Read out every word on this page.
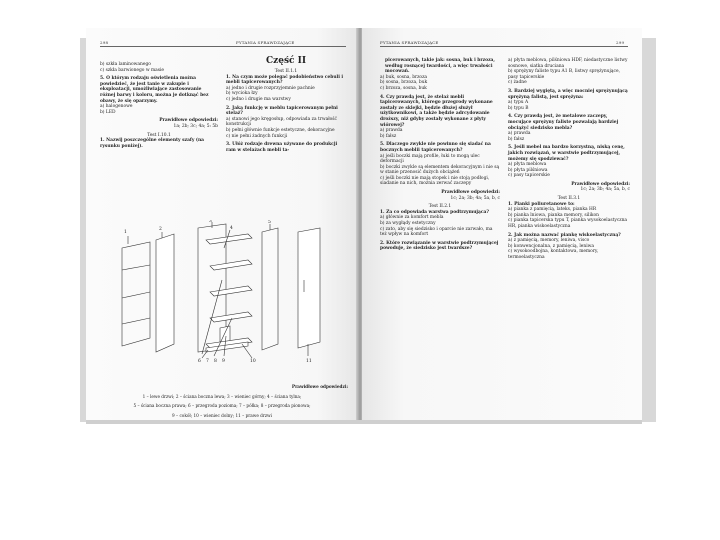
298	PYTANIA SPRAWDZAJĄCE

b) szkła laminowanego

c) szkła barwionego w masie

5. O którym rodzaju oświetlenia można powiedzieć, że jest tanie w zakupie i eksploatacji, umożliwiające zastosowanie różnej barwy i koloru, można je dotknąć bez obawy, że się oparzymy.

a) halogenowe

b) LED

Prawidłowe odpowiedzi:

1a; 2b; 3c; 4a; 5: 5b

Test I.10.1

1. Nazwij poszczególne elementy szafy (na rysunku poniżej).

Część II

Test II.1.1

1. Na czym może polegać podobieństwo cebuli i mebli tapicerowanych?

a) jedno i drugie rozprzyjemnie pachnie

b) wycioka łzy

c) jedno i drugie ma warstwy

2. Jaką funkcję w meblu tapicerowanym pełni stelaż?

a) stanowi jego kręgosłup, odpowiada za trwałość konstrukcji

b) pełni głównie funkcje estetyczne, dekoracyjne

c) nie pełni żadnych funkcji

3. Ułóż rodzaje drewna używane do produkcji ram w stelażach mebli ta-

1
2
3
4
5
6 7 8 9	10	11

Prawidłowe odpowiedzi:

1 – lewe drzwi; 2 – ściana boczna lewa; 3 – wieniec górny; 4 – ściana tylna;

5 – ściana boczna prawa; 6 – przegroda pozioma; 7 – półka; 8 – przegroda pionowa;

9 – cokół; 10 – wieniec dolny; 11 – prawe drzwi

PYTANIA SPRAWDZAJĄCE	299

picerowanych, takie jak: sosna, buk i brzoza, według rosnącej twardości, a więc trwałości mocowań.

a) buk, sosna, brzoza

b) sosna, brzoza, buk

c) brzoza, sosna, buk

4. Czy prawdą jest, że stelaż mebli tapicerowanych, którego przegrody wykonane zostały ze sklejki, będzie dłużej służył użytkownikowi, a także będzie adrcydowanie droższy, niż gdyby zostały wykonane z płyty wiórowej?

a) prawda

b) fałsz

5. Dlaczego zwykle nie powinno się siadać na bocznych meblii tapicerowanych?

a) jeśli boczki mają profile, łuki to mogą ulec deformacji

b) boczki zwykle są elementem dekoracyjnym i nie są w stanie przenosić dużych obciążeń

c) jeśli boczki nie mają stopek i nie stoją podłogi, siadanie na nich, możnia zerwać zaczepy

Prawidłowe odpowiedzi:

1c; 2a; 3b; 4a; 5a, b, c

Test II.2.1

1. Za co odpowiada warstwa podtrzymująca?

a) głównie za komfort mebla

b) za wygłądy estetyczny

c) zato, aby się siedzisko i oparcie nie zarwało, ma też wpływ na komfort

2. Które rozwiązanie w warstwie podtrzymującej powoduje, że siedzisko jest twardsze?

a) płyta meblowa, pilśniowa HDF, niedastyczne listwy sosnowe, siatka druciana

b) sprężyny faliste typu A1 B, listwy sprężynujące, pasy tapicerskie

c) żadne

3. Bardziej wygiętą, a więc mocniej sprężynującą sprężyną falistą, jest sprężyna:

a) typu A

b) typu B

4. Czy prawdą jest, że metalowe zaczepy, mocujące sprężyny faliste pozwalają bardziej obciążyć siedzisko mebla?

a) prawda

b) fałsz

5. Jeśli mebel ma bardzo korzystną, niską cenę, jakich rozwiązań, w warstwie podtrzymującej, możemy się spodziewać?

a) płyta meblowa

b) płyta pilśniowa

c) pasy tapicerskie

Prawidłowe odpowiedzi:

1c; 2a; 3b; 4a; 5a, b, c

Test II.3.1

1. Pianki poliuretanowe to:

a) pianka z pamięcią, lateks, pianka HR

b) pianka lniowa, pianka memory, silikon

c) pianka tapicerska typu T, pianka wysokoelastyczna HR, pianka wiskoelastyczna

2. Jak można nazwać piankę wiskoelastyczną?

a) z pamięcią, memory, leniwa, visco

b) konwencjonalna, z pamięcią, leniwa

c) wysokoodbojna, kontaktowa, memory, termoelastyczna
